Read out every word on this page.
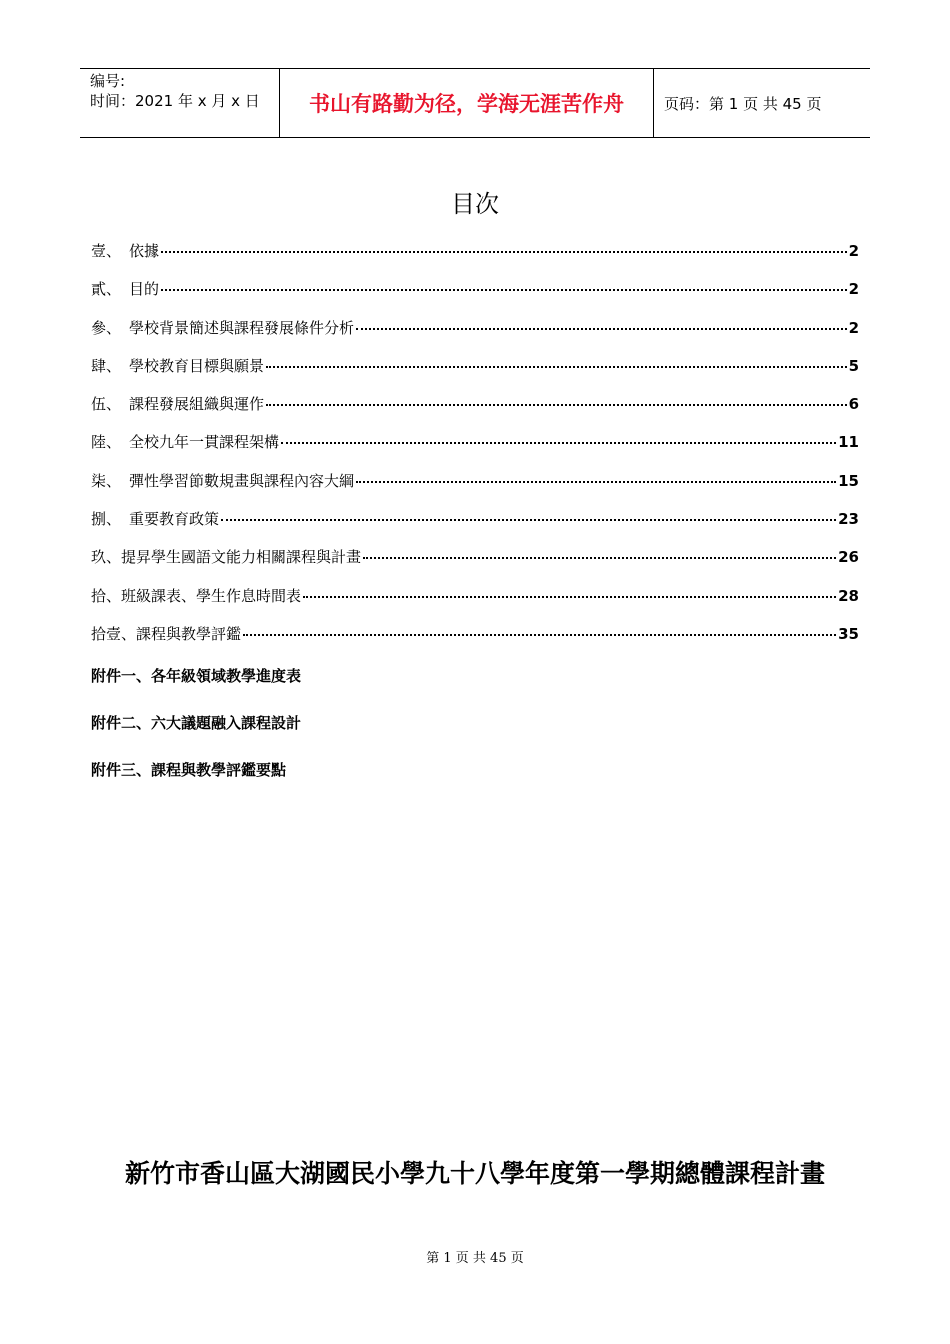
编号:
时间：2021 年 x 月 x 日	书山有路勤为径，学海无涯苦作舟	页码：第 1 页 共 45 页
目次
壹、 依據	2
貳、 目的	2
參、 學校背景簡述與課程發展條件分析	2
肆、 學校教育目標與願景	5
伍、 課程發展組織與運作	6
陸、 全校九年一貫課程架構	11
柒、 彈性學習節數規畫與課程內容大綱	15
捌、 重要教育政策	23
玖、 提昇學生國語文能力相關課程與計畫	26
拾、 班級課表、學生作息時間表	28
拾壹、 課程與教學評鑑	35
附件一、各年級領域教學進度表
附件二、六大議題融入課程設計
附件三、課程與教學評鑑要點
新竹市香山區大湖國民小學九十八學年度第一學期總體課程計畫
第 1 页 共 45 页
